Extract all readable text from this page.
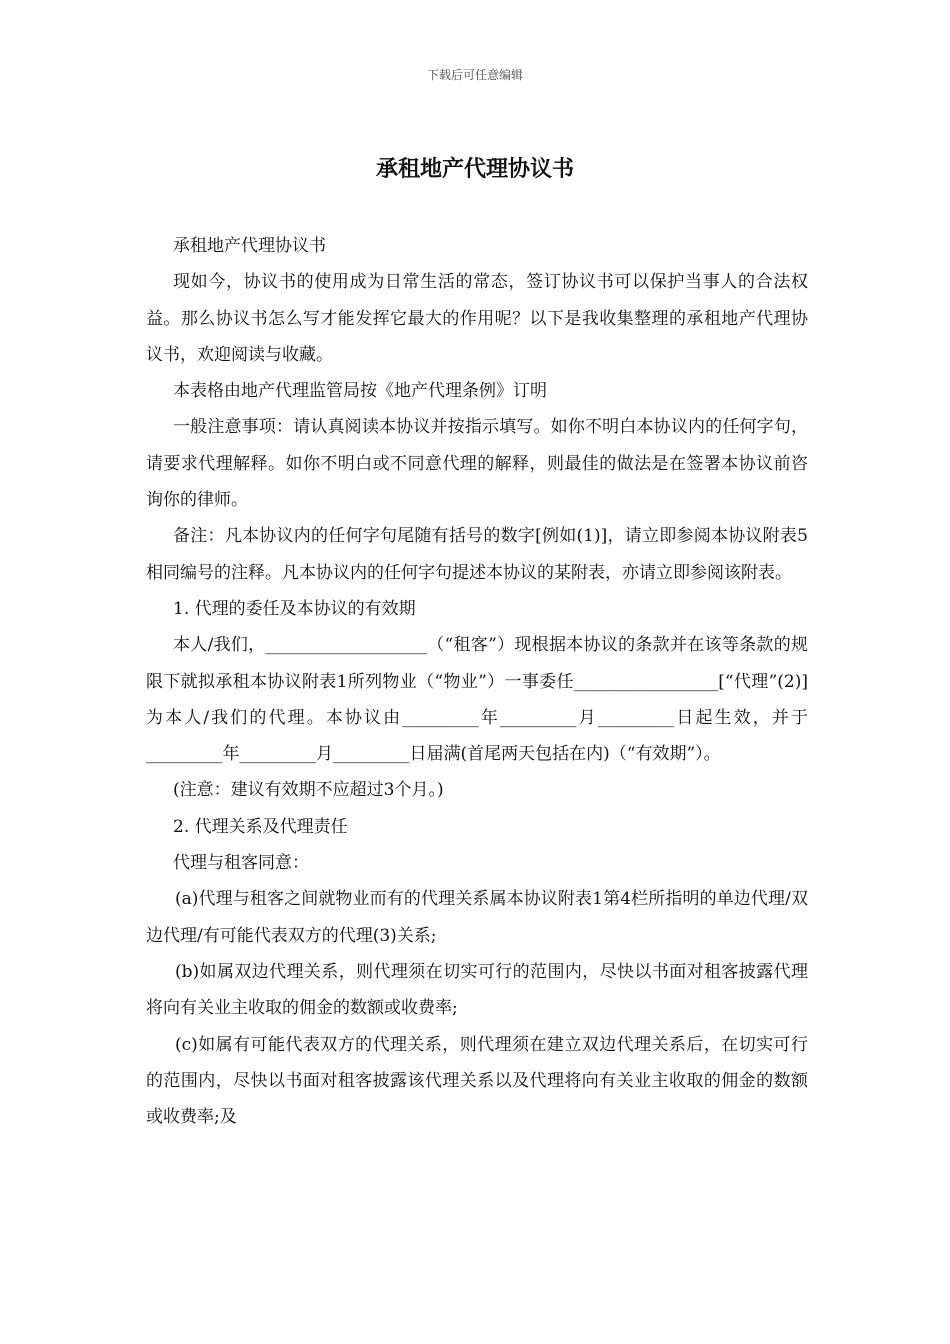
下载后可任意编辑
承租地产代理协议书

承租地产代理协议书

现如今，协议书的使用成为日常生活的常态，签订协议书可以保护当事人的合法权益。那么协议书怎么写才能发挥它最大的作用呢？以下是我收集整理的承租地产代理协议书，欢迎阅读与收藏。

本表格由地产代理监管局按《地产代理条例》订明

一般注意事项：请认真阅读本协议并按指示填写。如你不明白本协议内的任何字句，请要求代理解释。如你不明白或不同意代理的解释，则最佳的做法是在签署本协议前咨询你的律师。

备注：凡本协议内的任何字句尾随有括号的数字[例如(1)]，请立即参阅本协议附表5相同编号的注释。凡本协议内的任何字句提述本协议的某附表，亦请立即参阅该附表。

1. 代理的委任及本协议的有效期

本人/我们，___________________（“租客”）现根据本协议的条款并在该等条款的规限下就拟承租本协议附表1所列物业（“物业”）一事委任_________________[“代理”(2)]为本人/我们的代理。本协议由_________年_________月_________日起生效，并于_________年_________月_________日届满(首尾两天包括在内)（“有效期”）。

(注意：建议有效期不应超过3个月。)

2. 代理关系及代理责任

代理与租客同意：

(a)代理与租客之间就物业而有的代理关系属本协议附表1第4栏所指明的单边代理/双边代理/有可能代表双方的代理(3)关系;

(b)如属双边代理关系，则代理须在切实可行的范围内，尽快以书面对租客披露代理将向有关业主收取的佣金的数额或收费率;

(c)如属有可能代表双方的代理关系，则代理须在建立双边代理关系后，在切实可行的范围内，尽快以书面对租客披露该代理关系以及代理将向有关业主收取的佣金的数额或收费率;及
